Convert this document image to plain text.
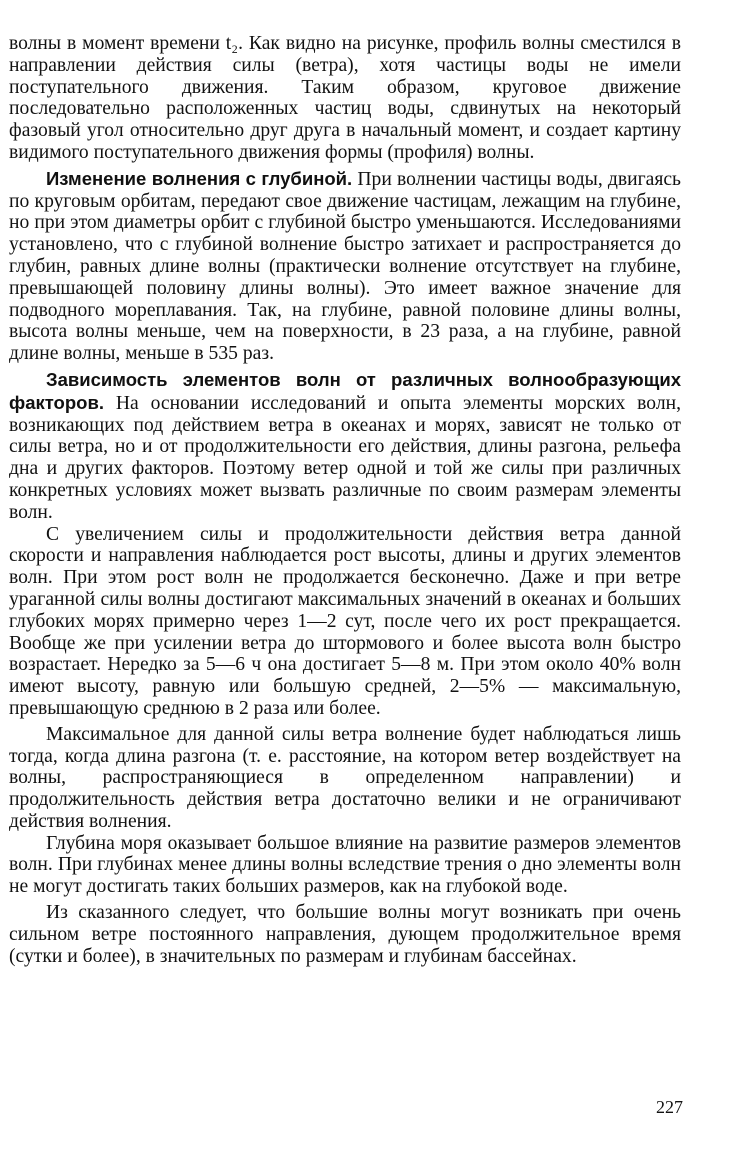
волны в момент времени t₂. Как видно на рисунке, профиль волны сместился в направлении действия силы (ветра), хотя частицы воды не имели поступательного движения. Таким образом, круговое движение последовательно расположенных частиц воды, сдвинутых на некоторый фазовый угол относительно друг друга в начальный момент, и создает картину видимого поступательного движения формы (профиля) волны.

Изменение волнения с глубиной. При волнении частицы воды, двигаясь по круговым орбитам, передают свое движение частицам, лежащим на глубине, но при этом диаметры орбит с глубиной быстро уменьшаются. Исследованиями установлено, что с глубиной волнение быстро затихает и распространяется до глубин, равных длине волны (практически волнение отсутствует на глубине, превышающей половину длины волны). Это имеет важное значение для подводного мореплавания. Так, на глубине, равной половине длины волны, высота волны меньше, чем на поверхности, в 23 раза, а на глубине, равной длине волны, меньше в 535 раз.

Зависимость элементов волн от различных волнообразующих факторов. На основании исследований и опыта элементы морских волн, возникающих под действием ветра в океанах и морях, зависят не только от силы ветра, но и от продолжительности его действия, длины разгона, рельефа дна и других факторов. Поэтому ветер одной и той же силы при различных конкретных условиях может вызвать различные по своим размерам элементы волн.

С увеличением силы и продолжительности действия ветра данной скорости и направления наблюдается рост высоты, длины и других элементов волн. При этом рост волн не продолжается бесконечно. Даже и при ветре ураганной силы волны достигают максимальных значений в океанах и больших глубоких морях примерно через 1—2 сут, после чего их рост прекращается. Вообще же при усилении ветра до штормового и более высота волн быстро возрастает. Нередко за 5—6 ч она достигает 5—8 м. При этом около 40% волн имеют высоту, равную или большую средней, 2—5% — максимальную, превышающую среднюю в 2 раза или более.

Максимальное для данной силы ветра волнение будет наблюдаться лишь тогда, когда длина разгона (т. е. расстояние, на котором ветер воздействует на волны, распространяющиеся в определенном направлении) и продолжительность действия ветра достаточно велики и не ограничивают действия волнения.

Глубина моря оказывает большое влияние на развитие размеров элементов волн. При глубинах менее длины волны вследствие трения о дно элементы волн не могут достигать таких больших размеров, как на глубокой воде.

Из сказанного следует, что большие волны могут возникать при очень сильном ветре постоянного направления, дующем продолжительное время (сутки и более), в значительных по размерам и глубинам бассейнах.

227
